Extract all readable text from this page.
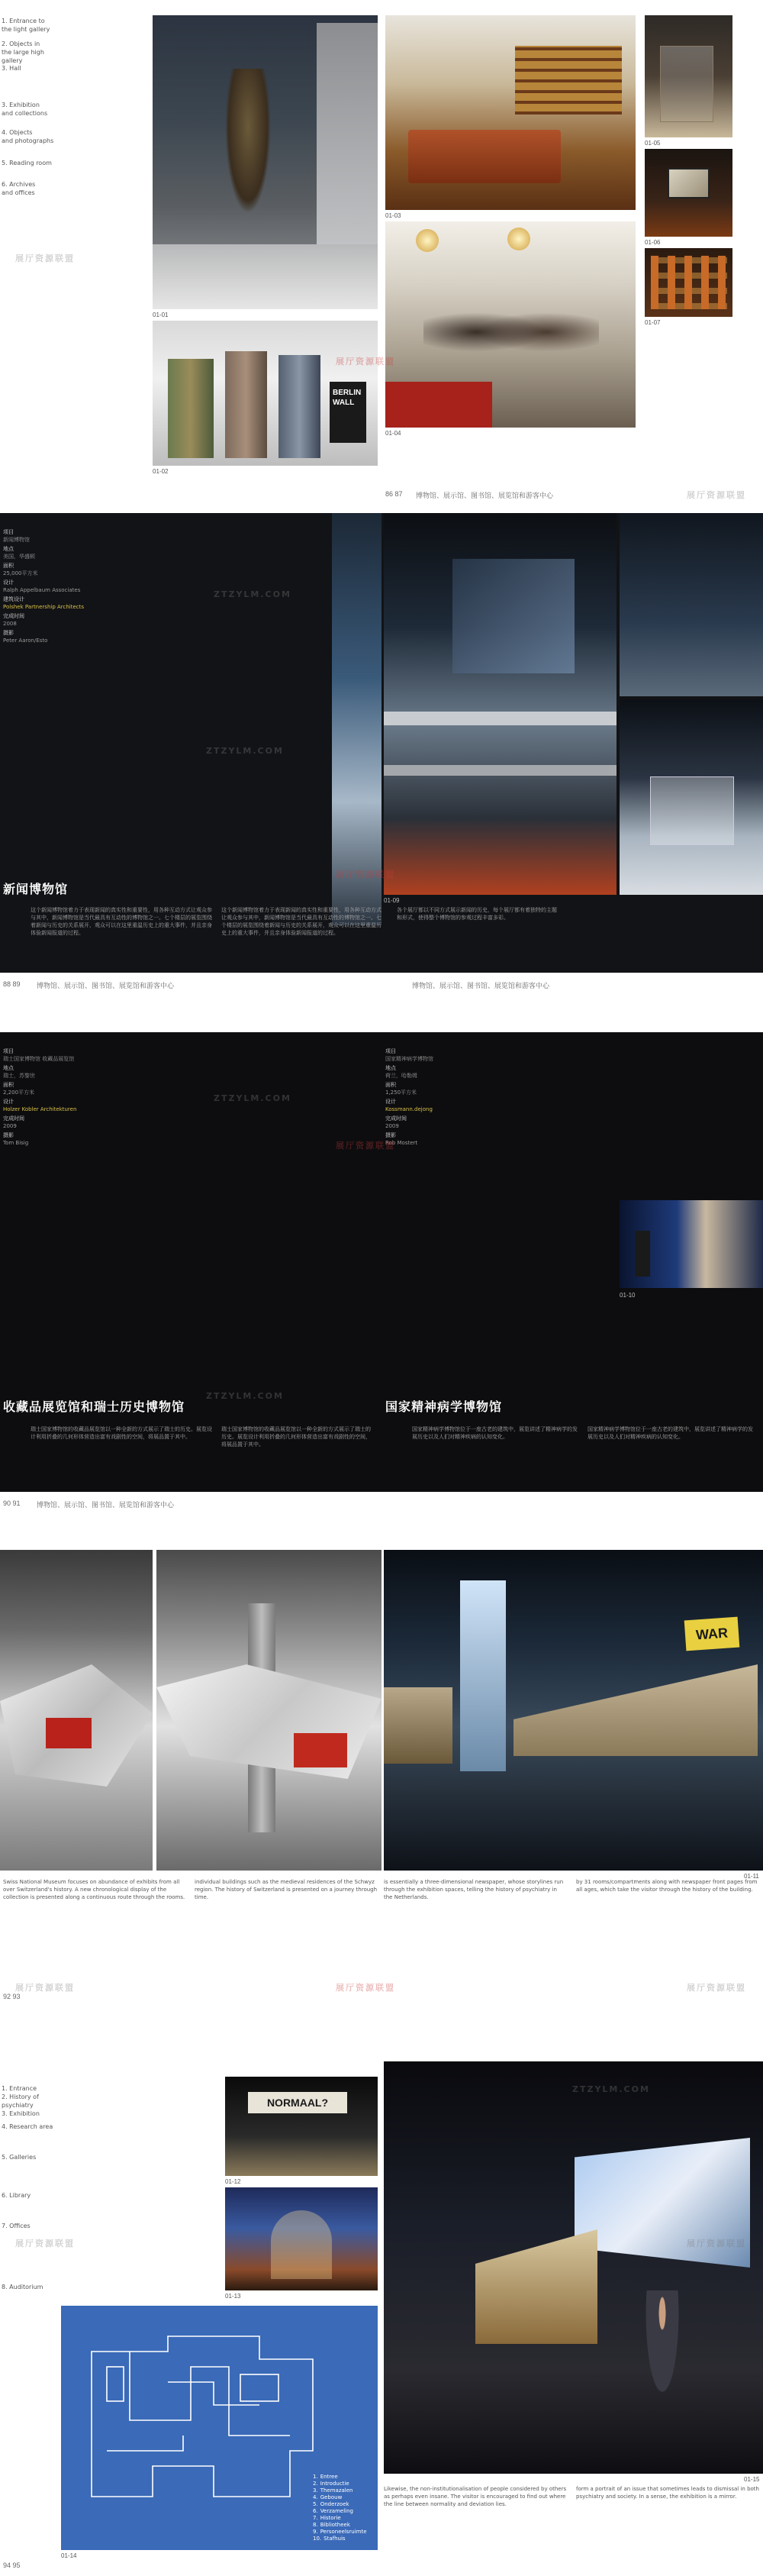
1. Entrance to
the light gallery
2. Objects in
the large high gallery
3. Hall
3. Exhibition
and collections
4. Objects
and photographs
5. Reading room
6. Archives
and offices
01-01
BERLIN
WALL
01-02
01-03
01-04
01-05
01-06
01-07
展厅资源联盟
展厅资源联盟
展厅资源联盟
86 87 博物馆、展示馆、图书馆、展览馆和游客中心
项目
新闻博物馆
地点
美国，华盛顿
面积
25,000平方米
设计
Ralph Appelbaum Associates
建筑设计
Polshek Partnership Architects
完成时间
2008
摄影
Peter Aaron/Esto
新闻博物馆
这个新闻博物馆着力于表现新闻的真实性和重要性，用各种互动方式让观众参与其中，新闻博物馆是当代最具有互动性的博物馆之一。七个楼层的展览围绕着新闻与历史的关系展开，观众可以在这里重温历史上的重大事件，并且亲身体验新闻报道的过程。
这个新闻博物馆着力于表现新闻的真实性和重要性，用各种互动方式让观众参与其中，新闻博物馆是当代最具有互动性的博物馆之一。七个楼层的展览围绕着新闻与历史的关系展开，观众可以在这里重温历史上的重大事件，并且亲身体验新闻报道的过程。
各个展厅都以不同方式展示新闻的历史，每个展厅都有着独特的主题和形式，使得整个博物馆的参观过程丰富多彩。
01-09
ZTZYLM.COM
ZTZYLM.COM
展厅资源联盟
88 89 博物馆、展示馆、图书馆、展览馆和游客中心	博物馆、展示馆、图书馆、展览馆和游客中心
项目
瑞士国家博物馆 收藏品展览馆
地点
瑞士，苏黎世
面积
2,200平方米
设计
Holzer Kobler Architekturen
完成时间
2009
摄影
Tom Bisig
项目
国家精神病学博物馆
地点
荷兰，哈勒姆
面积
1,250平方米
设计
Kossmann.dejong
完成时间
2009
摄影
Rob Mostert
01-10
收藏品展览馆和瑞士历史博物馆	国家精神病学博物馆
瑞士国家博物馆的收藏品展览馆以一种全新的方式展示了瑞士的历史。展览设计利用折叠的几何形体营造出富有戏剧性的空间，将展品置于其中。
瑞士国家博物馆的收藏品展览馆以一种全新的方式展示了瑞士的历史。展览设计利用折叠的几何形体营造出富有戏剧性的空间，将展品置于其中。
国家精神病学博物馆位于一座古老的建筑中，展览讲述了精神病学的发展历史以及人们对精神疾病的认知变化。
国家精神病学博物馆位于一座古老的建筑中，展览讲述了精神病学的发展历史以及人们对精神疾病的认知变化。
ZTZYLM.COM
展厅资源联盟
ZTZYLM.COM
90 91 博物馆、展示馆、图书馆、展览馆和游客中心
WAR
01-11
Swiss National Museum focuses on abundance of exhibits from all over Switzerland's history. A new chronological display of the collection is presented along a continuous route through the rooms.
individual buildings such as the medieval residences of the Schwyz region. The history of Switzerland is presented on a journey through time.
is essentially a three-dimensional newspaper, whose storylines run through the exhibition spaces, telling the history of psychiatry in the Netherlands.
by 31 rooms/compartments along with newspaper front pages from all ages, which take the visitor through the history of the building.
展厅资源联盟	展厅资源联盟	展厅资源联盟
92 93
1. Entrance
2. History of psychiatry
3. Exhibition
4. Research area
5. Galleries
6. Library
7. Offices
8. Auditorium
NORMAAL?
01-12
01-13
1. Entree
2. Introductie
3. Themazalen
4. Gebouw
5. Onderzoek
6. Verzameling
7. Historie
8. Bibliotheek
9. Personeelsruimte
10. Stafhuis
01-14
01-15
Likewise, the non-institutionalisation of people considered by others as perhaps even insane. The visitor is encouraged to find out where the line between normality and deviation lies.
form a portrait of an issue that sometimes leads to dismissal in both psychiatry and society. In a sense, the exhibition is a mirror.
ZTZYLM.COM
展厅资源联盟	展厅资源联盟
94 95
